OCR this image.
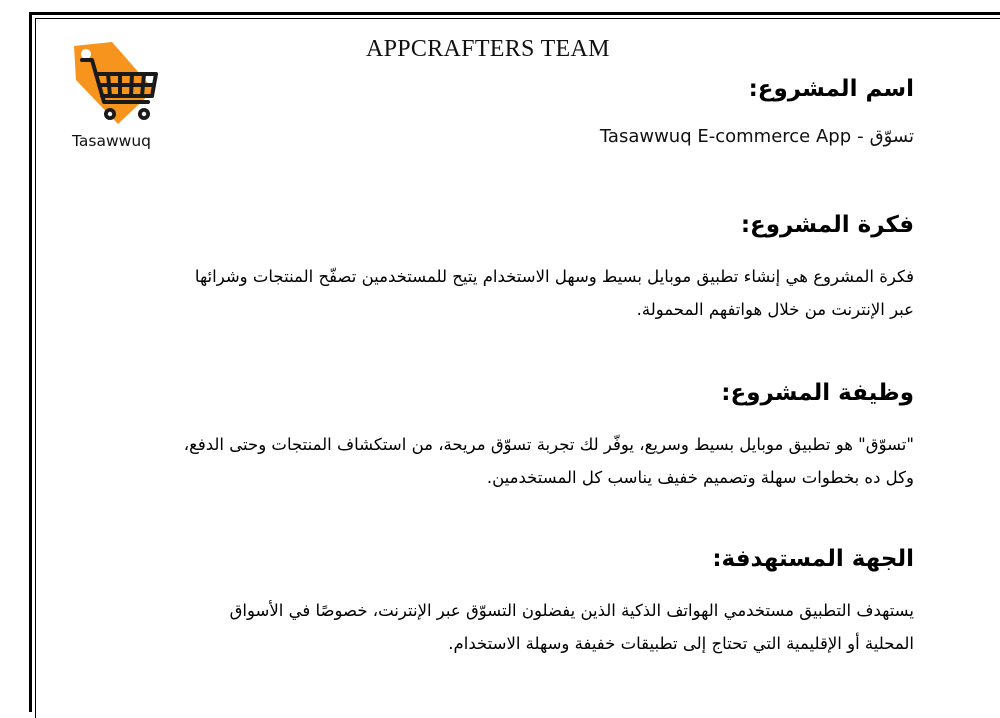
APPCRAFTERS TEAM
Tasawwuq
اسم المشروع:
Tasawwuq E-commerce App - تسوّق
فكرة المشروع:
فكرة المشروع هي إنشاء تطبيق موبايل بسيط وسهل الاستخدام يتيح للمستخدمين تصفّح المنتجات وشرائها
عبر الإنترنت من خلال هواتفهم المحمولة.
وظيفة المشروع:
"تسوّق" هو تطبيق موبايل بسيط وسريع، يوفّر لك تجربة تسوّق مريحة، من استكشاف المنتجات وحتى الدفع،
وكل ده بخطوات سهلة وتصميم خفيف يناسب كل المستخدمين.
الجهة المستهدفة:
يستهدف التطبيق مستخدمي الهواتف الذكية الذين يفضلون التسوّق عبر الإنترنت، خصوصًا في الأسواق
المحلية أو الإقليمية التي تحتاج إلى تطبيقات خفيفة وسهلة الاستخدام.
